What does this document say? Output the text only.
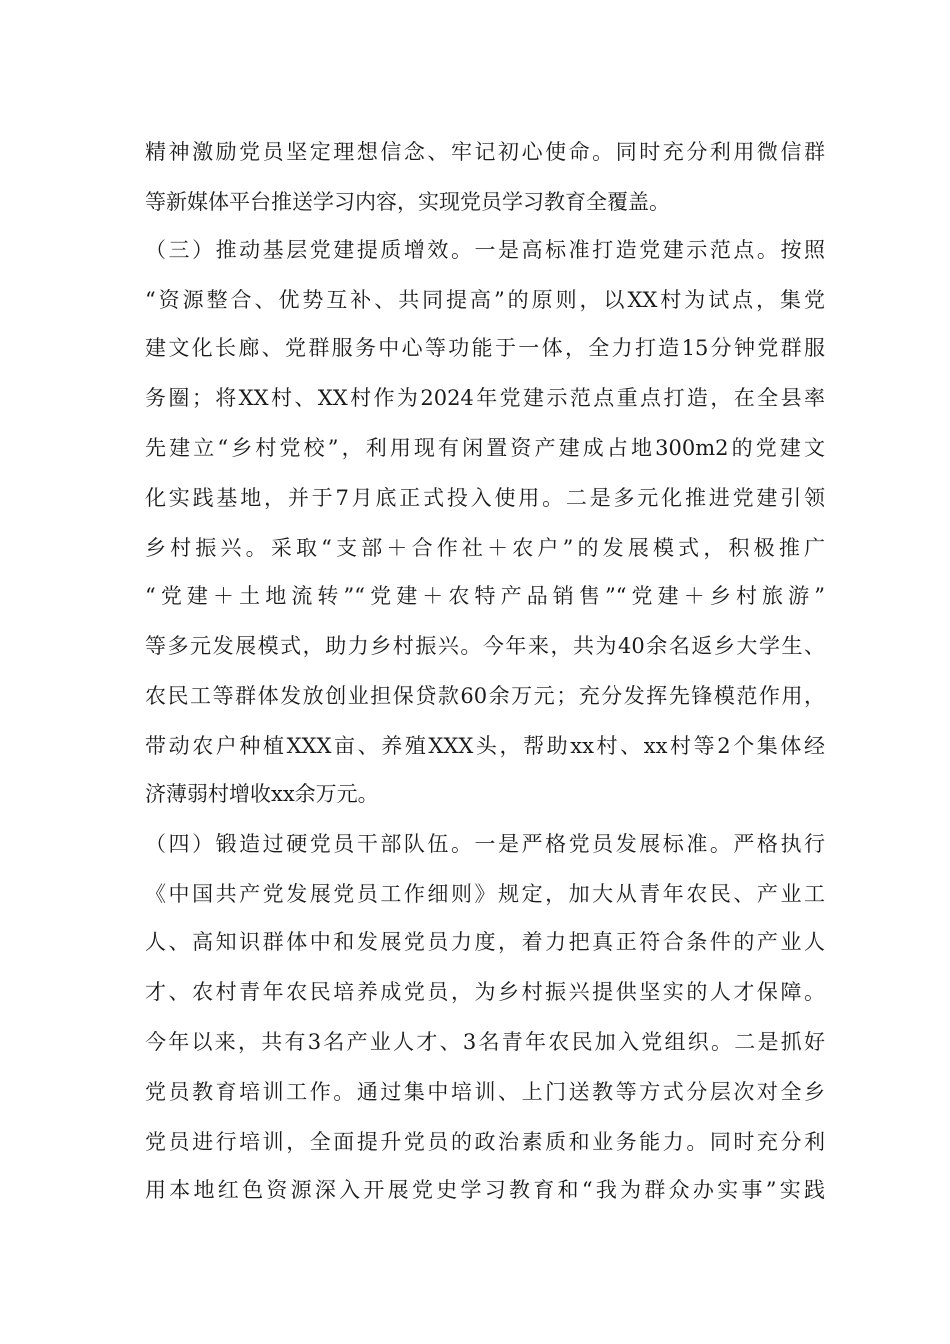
精神激励党员坚定理想信念、牢记初心使命。同时充分利用微信群
等新媒体平台推送学习内容，实现党员学习教育全覆盖。
（三）推动基层党建提质增效。一是高标准打造党建示范点。按照
“资源整合、优势互补、共同提高”的原则，以XX村为试点，集党
建文化长廊、党群服务中心等功能于一体，全力打造15分钟党群服
务圈；将XX村、XX村作为2024年党建示范点重点打造，在全县率
先建立“乡村党校”，利用现有闲置资产建成占地300m2的党建文
化实践基地，并于7月底正式投入使用。二是多元化推进党建引领
乡村振兴。采取“支部＋合作社＋农户”的发展模式，积极推广
“党建＋土地流转”“党建＋农特产品销售”“党建＋乡村旅游”
等多元发展模式，助力乡村振兴。今年来，共为40余名返乡大学生、
农民工等群体发放创业担保贷款60余万元；充分发挥先锋模范作用，
带动农户种植XXX亩、养殖XXX头，帮助xx村、xx村等2个集体经
济薄弱村增收xx余万元。
（四）锻造过硬党员干部队伍。一是严格党员发展标准。严格执行
《中国共产党发展党员工作细则》规定，加大从青年农民、产业工
人、高知识群体中和发展党员力度，着力把真正符合条件的产业人
才、农村青年农民培养成党员，为乡村振兴提供坚实的人才保障。
今年以来，共有3名产业人才、3名青年农民加入党组织。二是抓好
党员教育培训工作。通过集中培训、上门送教等方式分层次对全乡
党员进行培训，全面提升党员的政治素质和业务能力。同时充分利
用本地红色资源深入开展党史学习教育和“我为群众办实事”实践
